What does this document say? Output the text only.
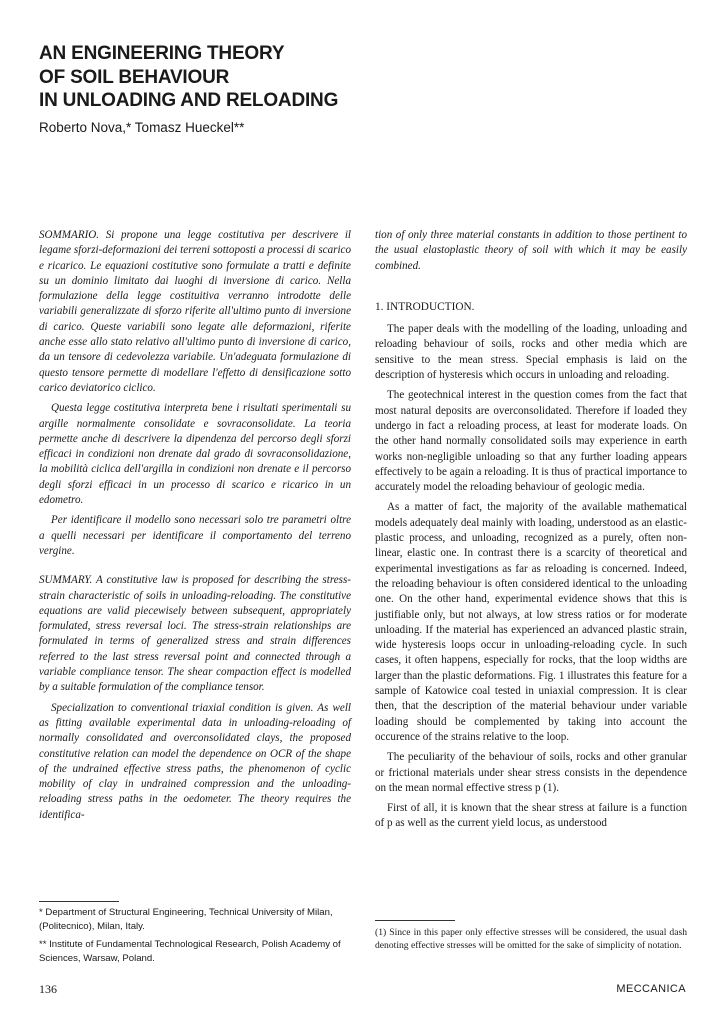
AN ENGINEERING THEORY
OF SOIL BEHAVIOUR
IN UNLOADING AND RELOADING
Roberto Nova,* Tomasz Hueckel**

SOMMARIO. Si propone una legge costitutiva per descrivere il legame sforzi-deformazioni dei terreni sottoposti a processi di scarico e ricarico. Le equazioni costitutive sono formulate a tratti e definite su un dominio limitato dai luoghi di inversione di carico. Nella formulazione della legge costituitiva verranno introdotte delle variabili generalizzate di sforzo riferite all'ultimo punto di inversione di carico. Queste variabili sono legate alle deformazioni, riferite anche esse allo stato relativo all'ultimo punto di inversione di carico, da un tensore di cedevolezza variabile. Un'adeguata formulazione di questo tensore permette di modellare l'effetto di densificazione sotto carico deviatorico ciclico.

Questa legge costitutiva interpreta bene i risultati sperimentali su argille normalmente consolidate e sovraconsolidate. La teoria permette anche di descrivere la dipendenza del percorso degli sforzi efficaci in condizioni non drenate dal grado di sovraconsolidazione, la mobilità ciclica dell'argilla in condizioni non drenate e il percorso degli sforzi efficaci in un processo di scarico e ricarico in un edometro.

Per identificare il modello sono necessari solo tre parametri oltre a quelli necessari per identificare il comportamento del terreno vergine.

SUMMARY. A constitutive law is proposed for describing the stress-strain characteristic of soils in unloading-reloading. The constitutive equations are valid piecewisely between subsequent, appropriately formulated, stress reversal loci. The stress-strain relationships are formulated in terms of generalized stress and strain differences referred to the last stress reversal point and connected through a variable compliance tensor. The shear compaction effect is modelled by a suitable formulation of the compliance tensor.

Specialization to conventional triaxial condition is given. As well as fitting available experimental data in unloading-reloading of normally consolidated and overconsolidated clays, the proposed constitutive relation can model the dependence on OCR of the shape of the undrained effective stress paths, the phenomenon of cyclic mobility of clay in undrained compression and the unloading-reloading stress paths in the oedometer. The theory requires the identifica-

tion of only three material constants in addition to those pertinent to the usual elastoplastic theory of soil with which it may be easily combined.

1. INTRODUCTION.

The paper deals with the modelling of the loading, unloading and reloading behaviour of soils, rocks and other media which are sensitive to the mean stress. Special emphasis is laid on the description of hysteresis which occurs in unloading and reloading.

The geotechnical interest in the question comes from the fact that most natural deposits are overconsolidated. Therefore if loaded they undergo in fact a reloading process, at least for moderate loads. On the other hand normally consolidated soils may experience in earth works non-negligible unloading so that any further loading appears effectively to be again a reloading. It is thus of practical importance to accurately model the reloading behaviour of geologic media.

As a matter of fact, the majority of the available mathematical models adequately deal mainly with loading, understood as an elastic-plastic process, and unloading, recognized as a purely, often non-linear, elastic one. In contrast there is a scarcity of theoretical and experimental investigations as far as reloading is concerned. Indeed, the reloading behaviour is often considered identical to the unloading one. On the other hand, experimental evidence shows that this is justifiable only, but not always, at low stress ratios or for moderate unloading. If the material has experienced an advanced plastic strain, wide hysteresis loops occur in unloading-reloading cycle. In such cases, it often happens, especially for rocks, that the loop widths are larger than the plastic deformations. Fig. 1 illustrates this feature for a sample of Katowice coal tested in uniaxial compression. It is clear then, that the description of the material behaviour under variable loading should be complemented by taking into account the occurence of the strains relative to the loop.

The peculiarity of the behaviour of soils, rocks and other granular or frictional materials under shear stress consists in the dependence on the mean normal effective stress p (1).

First of all, it is known that the shear stress at failure is a function of p as well as the current yield locus, as understood

* Department of Structural Engineering, Technical University of Milan, (Politecnico), Milan, Italy.
** Institute of Fundamental Technological Research, Polish Academy of Sciences, Warsaw, Poland.
(1) Since in this paper only effective stresses will be considered, the usual dash denoting effective stresses will be omitted for the sake of simplicity of notation.
136	MECCANICA
